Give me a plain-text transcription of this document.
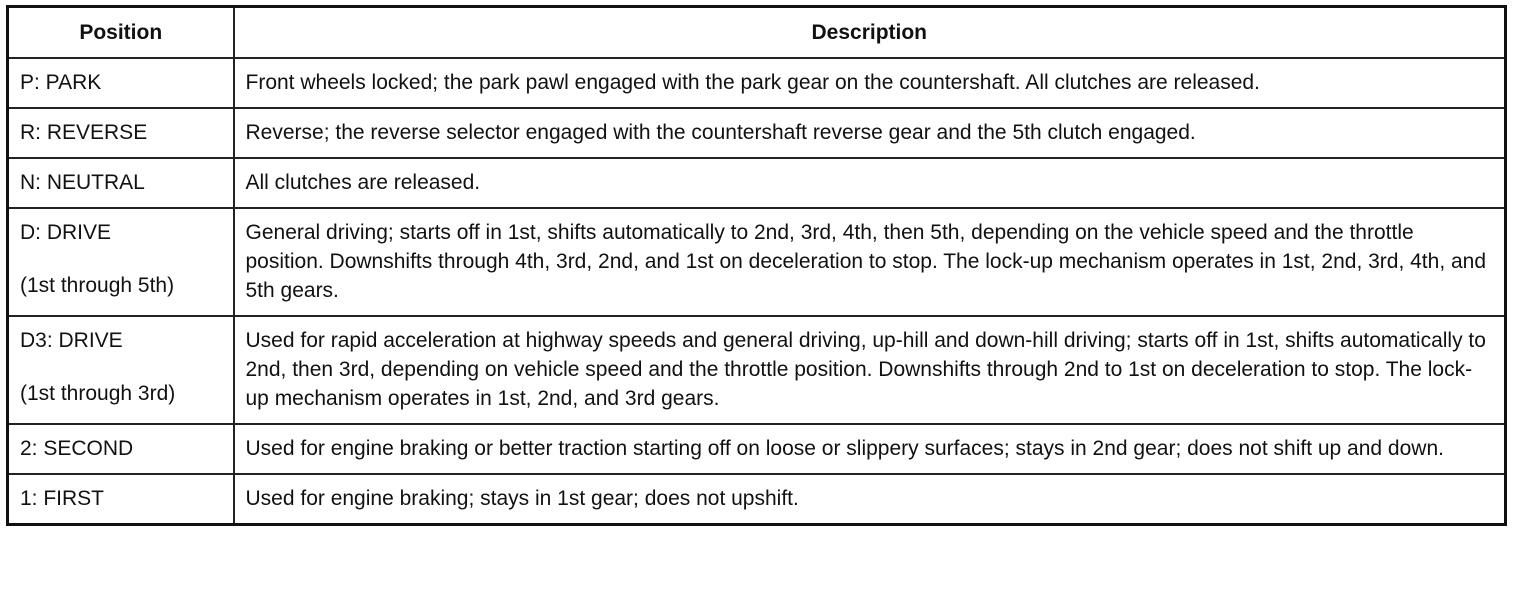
Position	Description
P: PARK	Front wheels locked; the park pawl engaged with the park gear on the countershaft. All clutches are released.
R: REVERSE	Reverse; the reverse selector engaged with the countershaft reverse gear and the 5th clutch engaged.
N: NEUTRAL	All clutches are released.
D: DRIVE
(1st through 5th)	General driving; starts off in 1st, shifts automatically to 2nd, 3rd, 4th, then 5th, depending on the vehicle speed and the throttle position. Downshifts through 4th, 3rd, 2nd, and 1st on deceleration to stop. The lock-up mechanism operates in 1st, 2nd, 3rd, 4th, and 5th gears.
D3: DRIVE
(1st through 3rd)	Used for rapid acceleration at highway speeds and general driving, up-hill and down-hill driving; starts off in 1st, shifts automatically to 2nd, then 3rd, depending on vehicle speed and the throttle position. Downshifts through 2nd to 1st on deceleration to stop. The lock-up mechanism operates in 1st, 2nd, and 3rd gears.
2: SECOND	Used for engine braking or better traction starting off on loose or slippery surfaces; stays in 2nd gear; does not shift up and down.
1: FIRST	Used for engine braking; stays in 1st gear; does not upshift.
